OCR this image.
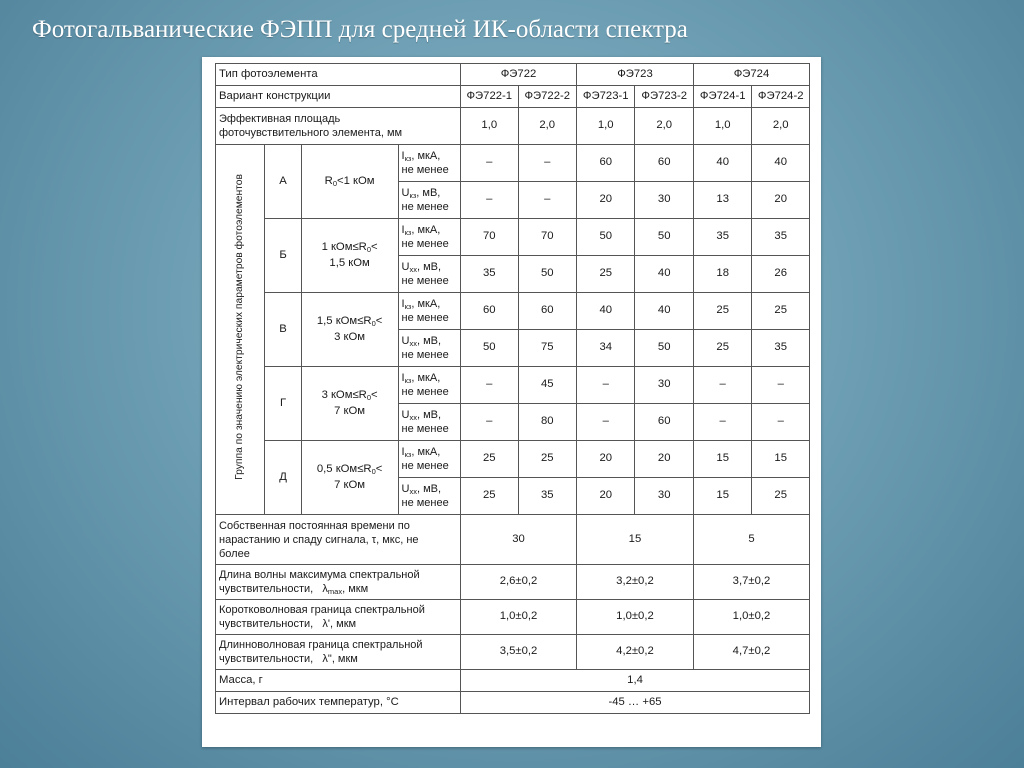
Фотогальванические ФЭПП для средней ИК-области спектра
Тип фотоэлемента				ФЭ722		ФЭ723		ФЭ724	
Вариант конструкции				ФЭ722-1	ФЭ722-2	ФЭ723-1	ФЭ723-2	ФЭ724-1	ФЭ724-2
Эффективная площадь
фоточувствительного элемента, мм				1,0	2,0	1,0	2,0	1,0	2,0
Группа по значению электрических параметров фотоэлементов	А	$R_0<1$ кОм	$I_{кз}$, мкА,
не менее	–	–	60	60	40	40
			$U_{кз}$, мВ,
не менее	–	–	20	30	13	20
	Б	1 $кОм\le R_0<$
1,5 кОм	$I_{кз}$, мкА,
не менее	70	70	50	50	35	35
			$U_{хх}$, мВ,
не менее	35	50	25	40	18	26
	В	1,5 $кОм\le R_0<$
3 кОм	$I_{кз}$, мкА,
не менее	60	60	40	40	25	25
			$U_{хх}$, мВ,
не менее	50	75	34	50	25	35
	Г	3 $кОм\le R_0<$
7 кОм	$I_{кз}$, мкА,
не менее	–	45	–	30	–	–
			$U_{хх}$, мВ,
не менее	–	80	–	60	–	–
	Д	0,5 $кОм\le R_0<$
7 кОм	$I_{кз}$, мкА,
не менее	25	25	20	20	15	15
			$U_{хх}$, мВ,
не менее	25	35	20	30	15	25
Собственная постоянная времени по
нарастанию и спаду сигнала, τ, мкс, не
более				30		15		5	
Длина волны максимума спектральной
чувствительности, $\lambda_{max}$, мкм				2,6±0,2		3,2±0,2		3,7±0,2	
Коротковолновая граница спектральной
чувствительности, λ', мкм				1,0±0,2		1,0±0,2		1,0±0,2	
Длинноволновая граница спектральной
чувствительности, λ", мкм				3,5±0,2		4,2±0,2		4,7±0,2	
Масса, г				1,4					
Интервал рабочих температур, °С				-45 … +65					
